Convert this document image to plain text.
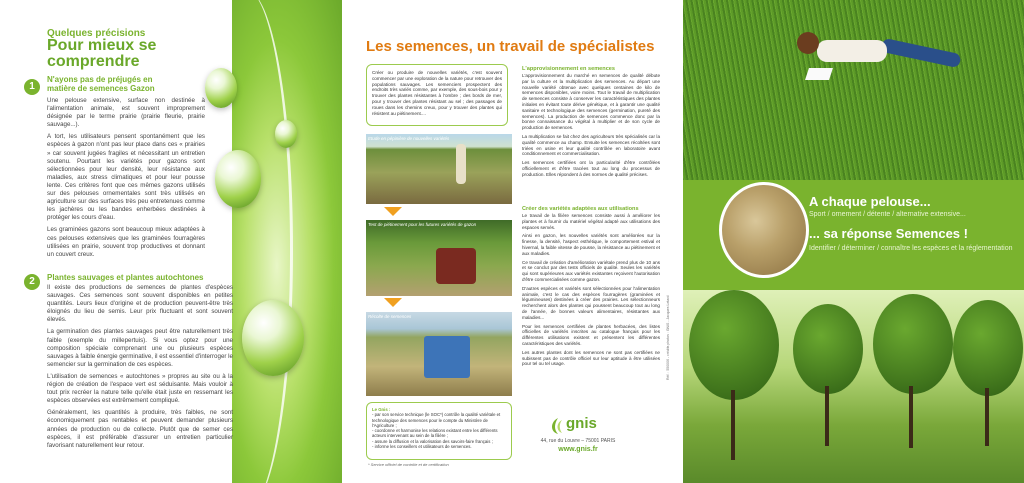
Quelques précisions
Pour mieux se comprendre
1
N'ayons pas de préjugés en matière de semences Gazon

Une pelouse extensive, surface non destinée à l'alimentation animale, est souvent improprement désignée par le terme prairie (prairie fleurie, prairie sauvage...).

A tort, les utilisateurs pensent spontanément que les espèces à gazon n'ont pas leur place dans ces « prairies » car souvent jugées fragiles et nécessitant un entretien soutenu. Pourtant les variétés pour gazons sont sélectionnées pour leur densité, leur résistance aux maladies, aux stress climatiques et pour leur pousse lente. Ces critères font que ces mêmes gazons utilisés sur des pelouses ornementales sont très utilisés en agriculture sur des surfaces très peu entretenues comme les jachères ou les bandes enherbées destinées à protéger les cours d'eau.

Les graminées gazons sont beaucoup mieux adaptées à ces pelouses extensives que les graminées fourragères utilisées en prairie, souvent trop productives et donnant un couvert creux.

2	Plantes sauvages et plantes autochtones

Il existe des productions de semences de plantes d'espèces sauvages. Ces semences sont souvent disponibles en petites quantités. Leurs lieux d'origine et de production peuvent-être très éloignés du lieu de semis. Leur prix fluctuant et sont souvent élevés.

La germination des plantes sauvages peut être naturellement très faible (exemple du millepertuis). Si vous optez pour une composition spéciale comprenant une ou plusieurs espèces sauvages à faible énergie germinative, il est essentiel d'interroger le semencier sur la germination de ces espèces.

L'utilisation de semences « autochtones » propres au site ou à la région de création de l'espace vert est séduisante. Mais vouloir à tout prix recréer la nature telle qu'elle était juste en ressemant les espèces observées est extrêmement compliqué.

Généralement, les quantités à produire, très faibles, ne sont économiquement pas rentables et peuvent demander plusieurs années de production ou de collecte. Plutôt que de semer ces espèces, il est préférable d'assurer un entretien particulier favorisant naturellement leur retour.

Les semences, un travail de spécialistes
Créer ou produire de nouvelles variétés, c'est souvent commencer par une exploration de la nature pour retrouver des populations sauvages. Les semenciers prospectent des endroits très variés comme, par exemple, des sous-bois pour y trouver des plantes résistantes à l'ombre ; des bords de mer, pour y trouver des plantes résistant au sel ; des passages de roues dans les chemins creux, pour y trouver des plantes qui résistent au piétinement....
Etude en pépinière de nouvelles variétés
Test de piétinement pour les futures variétés de gazon
Récolte de semences
L'approvisionnement en semences

L'approvisionnement du marché en semences de qualité débute par la culture et la multiplication des semences. Au départ une nouvelle variété obtenue avec quelques centaines de kilo de semences disponibles, voire moins. Tout le travail de multiplication de semences consiste à conserver les caractéristiques des plantes initiales en évitant toute dérive génétique, et à garantir une qualité sanitaire et technologique des semences (germination, pureté des semences). La production de semences commence donc par la bonne connaissance du végétal à multiplier et de son cycle de production de semences.

La multiplication se fait chez des agriculteurs très spécialisés car la qualité commence au champ. Ensuite les semences récoltées sont triées en usine et leur qualité contrôlée en laboratoire avant conditionnement et commercialisation.

Les semences certifiées ont la particularité d'être contrôlées officiellement et d'être tracées tout au long du processus de production. Elles répondent à des normes de qualité précises.

Créer des variétés adaptées aux utilisations

Le travail de la filière semences consiste aussi à améliorer les plantes et à fournir du matériel végétal adapté aux utilisations des espaces semés.

Ainsi en gazon, les nouvelles variétés sont améliorées sur la finesse, la densité, l'aspect esthétique, le comportement estival et hivernal, la faible vitesse de pousse, la résistance au piétinement et aux maladies.

Ce travail de création d'amélioration variétale prend plus de 10 ans et se conclut par des tests officiels de qualité. Seules les variétés qui sont supérieures aux variétés existantes reçoivent l'autorisation d'être commercialisées comme gazon.

D'autres espèces et variétés sont sélectionnées pour l'alimentation animale, c'est le cas des espèces fourragères (graminées et légumineuses) destinées à créer des prairies. Les sélectionneurs recherchent alors des plantes qui poussent beaucoup tout au long de l'année, de bonnes valeurs alimentaires, résistantes aux maladies...

Pour les semences certifiées de plantes herbacées, des listes officielles de variétés inscrites au catalogue français pour les différentes utilisations existent et présentent les différentes caractéristiques des variétés.

Les autres plantes dont les semences ne sont pas certifiées ne subissent pas de contrôle officiel sur leur aptitude à être utilisées pour tel ou tel usage.

Le Gnis :
- par son service technique (le SOC*) contrôle la qualité variétale et technologique des semences pour le compte du Ministère de l'Agriculture ;
- coordonne et harmonise les relations existant entre les différents acteurs intervenant au sein de la filière ;
- assure la diffusion et la valorisation des savoirs-faire français ;
- informe les conseillers et utilisateurs de semences.
* Service officiel de contrôle et de certification
gnis
44, rue du Louvre – 75001 PARIS
www.gnis.fr
Réf. : 550006 - crédits photos : GNIS - Jacques Letard
A chaque pelouse...
Sport / ornement / détente / alternative extensive...
... sa réponse Semences !
Identifier / déterminer / connaître les espèces et la réglementation
